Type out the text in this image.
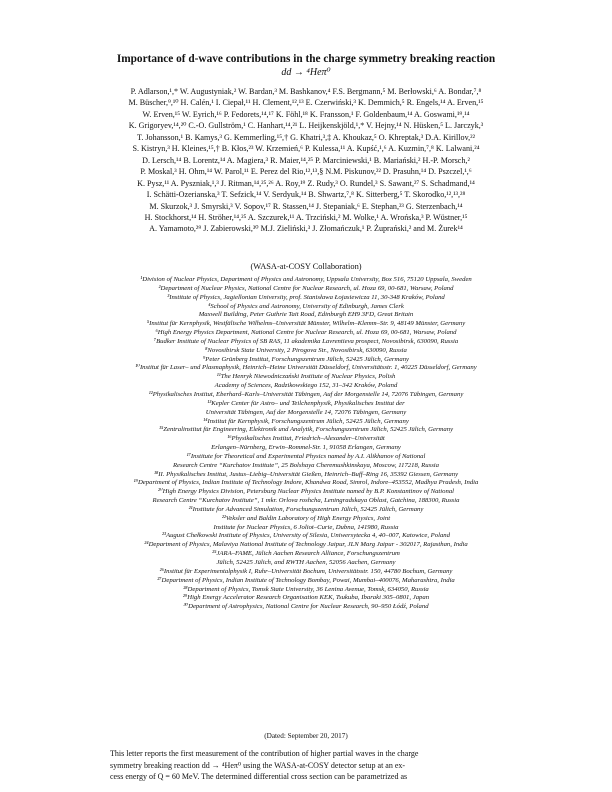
Importance of d-wave contributions in the charge symmetry breaking reaction
dd → ⁴Heπ⁰
P. Adlarson,¹,* W. Augustyniak,² W. Bardan,³ M. Bashkanov,⁴ F.S. Bergmann,⁵ M. Berłowski,⁶ A. Bondar,⁷,⁸
M. Büscher,⁹,¹⁰ H. Calén,¹ I. Ciepał,¹¹ H. Clement,¹²,¹³ E. Czerwiński,³ K. Demmich,⁵ R. Engels,¹⁴ A. Erven,¹⁵
W. Erven,¹⁵ W. Eyrich,¹⁶ P. Fedorets,¹⁴,¹⁷ K. Föhl,¹⁸ K. Fransson,¹ F. Goldenbaum,¹⁴ A. Goswami,¹⁹,¹⁴
K. Grigoryev,¹⁴,²⁰ C.-O. Gullström,¹ C. Hanhart,¹⁴,²¹ L. Heijkenskjöld,¹,* V. Hejny,¹⁴ N. Hüsken,⁵ L. Jarczyk,³
T. Johansson,¹ B. Kamys,³ G. Kemmerling,¹⁵,† G. Khatri,³,‡ A. Khoukaz,⁵ O. Khreptak,³ D.A. Kirillov,²²
S. Kistryn,³ H. Kleines,¹⁵,† B. Kłos,²³ W. Krzemień,⁶ P. Kulessa,¹¹ A. Kupść,¹,⁶ A. Kuzmin,⁷,⁸ K. Lalwani,²⁴
D. Lersch,¹⁴ B. Lorentz,¹⁴ A. Magiera,³ R. Maier,¹⁴,²⁵ P. Marciniewski,¹ B. Mariański,² H.-P. Morsch,²
P. Moskal,³ H. Ohm,¹⁴ W. Parol,¹¹ E. Perez del Rio,¹²,¹³,§ N.M. Piskunov,²² D. Prasuhn,¹⁴ D. Pszczel,¹,⁶
K. Pysz,¹¹ A. Pyszniak,¹,³ J. Ritman,¹⁴,²⁵,²⁶ A. Roy,¹⁹ Z. Rudy,³ O. Rundel,³ S. Sawant,²⁷ S. Schadmand,¹⁴
I. Schätti-Ozerianska,³ T. Sefzick,¹⁴ V. Serdyuk,¹⁴ B. Shwartz,⁷,⁸ K. Sitterberg,⁵ T. Skorodko,¹²,¹³,²⁸
M. Skurzok,³ J. Smyrski,³ V. Sopov,¹⁷ R. Stassen,¹⁴ J. Stepaniak,⁶ E. Stephan,²³ G. Sterzenbach,¹⁴
H. Stockhorst,¹⁴ H. Ströher,¹⁴,²⁵ A. Szczurek,¹¹ A. Trzciński,² M. Wolke,¹ A. Wrońska,³ P. Wüstner,¹⁵
A. Yamamoto,²⁹ J. Zabierowski,³⁰ M.J. Zieliński,³ J. Złomańczuk,¹ P. Żuprański,² and M. Żurek¹⁴
(WASA-at-COSY Collaboration)
¹Division of Nuclear Physics, Department of Physics and Astronomy, Uppsala University, Box 516, 75120 Uppsala, Sweden
²Department of Nuclear Physics, National Centre for Nuclear Research, ul. Hoza 69, 00-681, Warsaw, Poland
³Institute of Physics, Jagiellonian University, prof. Stanisława Łojasiewicza 11, 30-348 Kraków, Poland
⁴School of Physics and Astronomy, University of Edinburgh, James Clerk
Maxwell Building, Peter Guthrie Tait Road, Edinburgh EH9 3FD, Great Britain
⁵Institut für Kernphysik, Westfälische Wilhelms–Universität Münster, Wilhelm–Klemm–Str. 9, 48149 Münster, Germany
⁶High Energy Physics Department, National Centre for Nuclear Research, ul. Hoza 69, 00-681, Warsaw, Poland
⁷Budker Institute of Nuclear Physics of SB RAS, 11 akademika Lavrentieva prospect, Novosibirsk, 630090, Russia
⁸Novosibirsk State University, 2 Pirogova Str., Novosibirsk, 630090, Russia
⁹Peter Grünberg Institut, Forschungszentrum Jülich, 52425 Jülich, Germany
¹⁰Institut für Laser– und Plasmaphysik, Heinrich–Heine Universität Düsseldorf, Universitätsstr. 1, 40225 Düsseldorf, Germany
¹¹The Henryk Niewodniczański Institute of Nuclear Physics, Polish
Academy of Sciences, Radzikowskiego 152, 31–342 Kraków, Poland
¹²Physikalisches Institut, Eberhard–Karls–Universität Tübingen, Auf der Morgenstelle 14, 72076 Tübingen, Germany
¹³Kepler Center für Astro– und Teilchenphysik, Physikalisches Institut der
Universität Tübingen, Auf der Morgenstelle 14, 72076 Tübingen, Germany
¹⁴Institut für Kernphysik, Forschungszentrum Jülich, 52425 Jülich, Germany
¹⁵Zentralinstitut für Engineering, Elektronik und Analytik, Forschungszentrum Jülich, 52425 Jülich, Germany
¹⁶Physikalisches Institut, Friedrich–Alexander–Universität
Erlangen–Nürnberg, Erwin–Rommel-Str. 1, 91058 Erlangen, Germany
¹⁷Institute for Theoretical and Experimental Physics named by A.I. Alikhanov of National
Research Centre “Kurchatov Institute”, 25 Bolshaya Cheremushkinskaya, Moscow, 117218, Russia
¹⁸II. Physikalisches Institut, Justus–Liebig–Universität Gießen, Heinrich–Buff–Ring 16, 35392 Giessen, Germany
¹⁹Department of Physics, Indian Institute of Technology Indore, Khandwa Road, Simrol, Indore–453552, Madhya Pradesh, India
²⁰High Energy Physics Division, Petersburg Nuclear Physics Institute named by B.P. Konstantinov of National
Research Centre “Kurchatov Institute”, 1 mkr. Orlova roshcha, Leningradskaya Oblast, Gatchina, 188300, Russia
²¹Institute for Advanced Simulation, Forschungszentrum Jülich, 52425 Jülich, Germany
²²Veksler and Baldin Laboratory of High Energy Physics, Joint
Institute for Nuclear Physics, 6 Joliot–Curie, Dubna, 141980, Russia
²³August Chełkowski Institute of Physics, University of Silesia, Uniwersytecka 4, 40–007, Katowice, Poland
²⁴Department of Physics, Malaviya National Institute of Technology Jaipur, JLN Marg Jaipur - 302017, Rajasthan, India
²⁵JARA–FAME, Jülich Aachen Research Alliance, Forschungszentrum
Jülich, 52425 Jülich, and RWTH Aachen, 52056 Aachen, Germany
²⁶Institut für Experimentalphysik I, Ruhr–Universität Bochum, Universitätsstr. 150, 44780 Bochum, Germany
²⁷Department of Physics, Indian Institute of Technology Bombay, Powai, Mumbai–400076, Maharashtra, India
²⁸Department of Physics, Tomsk State University, 36 Lenina Avenue, Tomsk, 634050, Russia
²⁹High Energy Accelerator Research Organisation KEK, Tsukuba, Ibaraki 305–0801, Japan
³⁰Department of Astrophysics, National Centre for Nuclear Research, 90–950 Łódź, Poland
(Dated: September 20, 2017)
This letter reports the first measurement of the contribution of higher partial waves in the charge
symmetry breaking reaction dd → ⁴Heπ⁰ using the WASA-at-COSY detector setup at an ex-
cess energy of Q = 60 MeV. The determined differential cross section can be parametrized as
